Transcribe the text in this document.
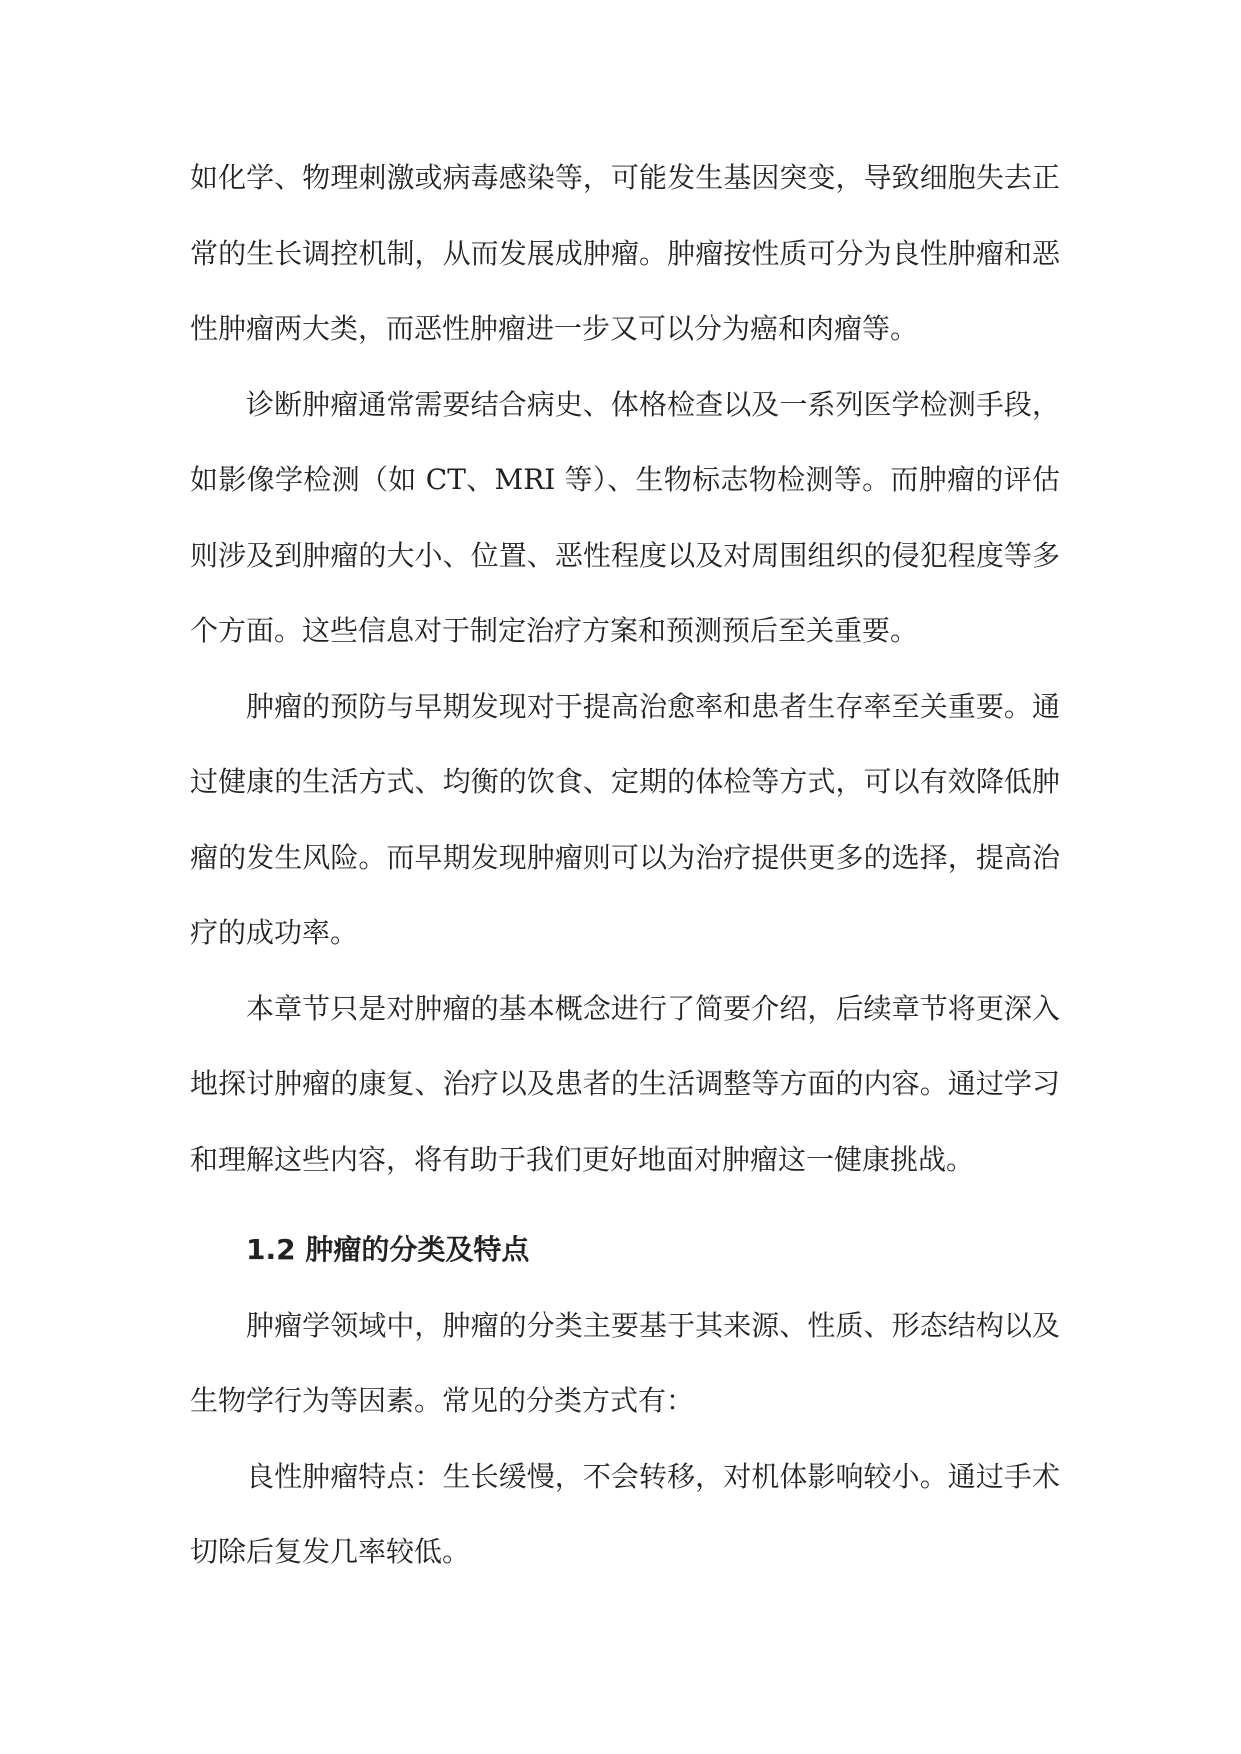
如化学、物理刺激或病毒感染等，可能发生基因突变，导致细胞失去正常的生长调控机制，从而发展成肿瘤。肿瘤按性质可分为良性肿瘤和恶性肿瘤两大类，而恶性肿瘤进一步又可以分为癌和肉瘤等。

诊断肿瘤通常需要结合病史、体格检查以及一系列医学检测手段，如影像学检测（如 CT、MRI 等）、生物标志物检测等。而肿瘤的评估则涉及到肿瘤的大小、位置、恶性程度以及对周围组织的侵犯程度等多个方面。这些信息对于制定治疗方案和预测预后至关重要。

肿瘤的预防与早期发现对于提高治愈率和患者生存率至关重要。通过健康的生活方式、均衡的饮食、定期的体检等方式，可以有效降低肿瘤的发生风险。而早期发现肿瘤则可以为治疗提供更多的选择，提高治疗的成功率。

本章节只是对肿瘤的基本概念进行了简要介绍，后续章节将更深入地探讨肿瘤的康复、治疗以及患者的生活调整等方面的内容。通过学习和理解这些内容，将有助于我们更好地面对肿瘤这一健康挑战。

1.2 肿瘤的分类及特点

肿瘤学领域中，肿瘤的分类主要基于其来源、性质、形态结构以及生物学行为等因素。常见的分类方式有：

良性肿瘤特点：生长缓慢，不会转移，对机体影响较小。通过手术切除后复发几率较低。
